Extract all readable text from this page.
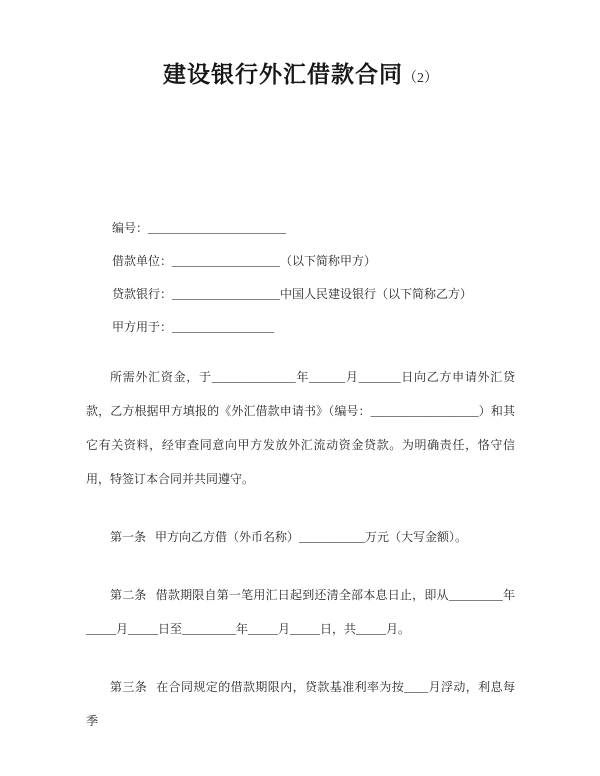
建设银行外汇借款合同（2）

编号：_______________________

借款单位：__________________（以下简称甲方）

贷款银行：__________________中国人民建设银行（以下简称乙方）

甲方用于：_________________

所需外汇资金，于______________年______月_______日向乙方申请外汇贷款，乙方根据甲方填报的《外汇借款申请书》（编号：__________________）和其它有关资料，经审查同意向甲方发放外汇流动资金贷款。为明确责任，恪守信用，特签订本合同并共同遵守。

第一条 甲方向乙方借（外币名称）___________万元（大写金额）。

第二条 借款期限自第一笔用汇日起到还清全部本息日止，即从_________年_____月_____日至_________年_____月_____日，共_____月。

第三条 在合同规定的借款期限内，贷款基准利率为按____月浮动，利息每季
